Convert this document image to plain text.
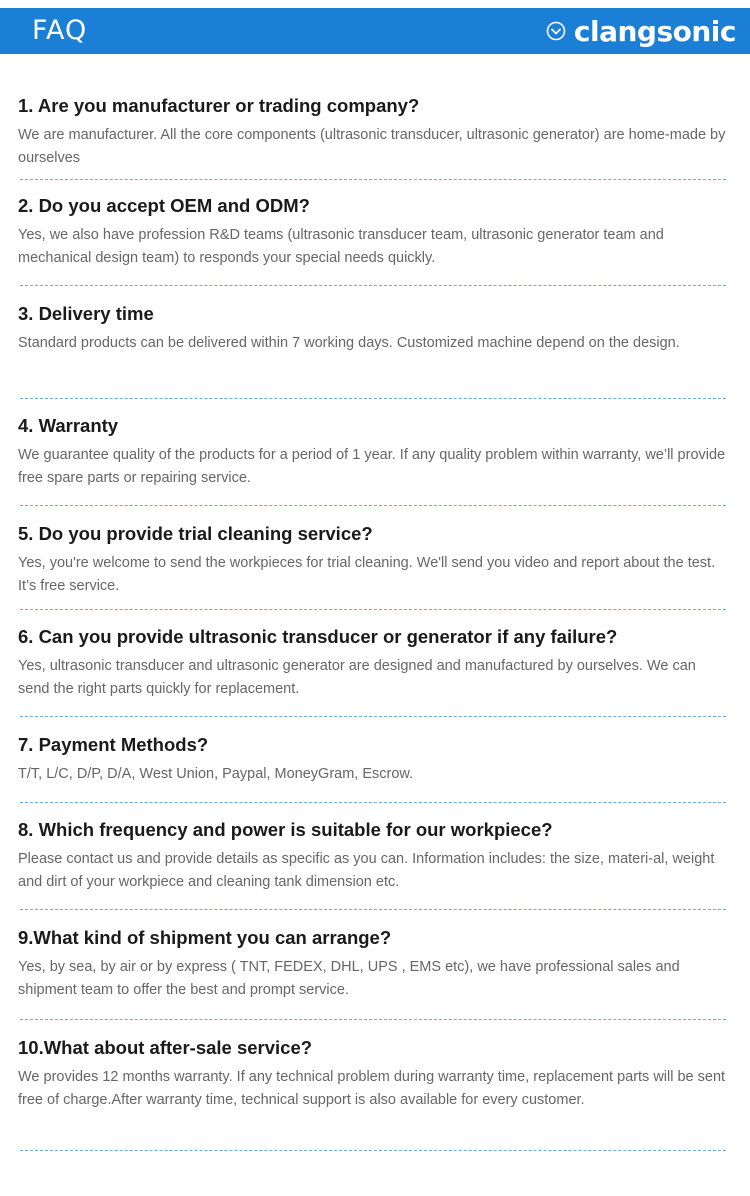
FAQ	clangsonic

1. Are you manufacturer or trading company?

We are manufacturer. All the core components (ultrasonic transducer, ultrasonic generator) are home-made by ourselves

2. Do you accept OEM and ODM?

Yes, we also have profession R&D teams (ultrasonic transducer team, ultrasonic generator team and mechanical design team) to responds your special needs quickly.

3. Delivery time

Standard products can be delivered within 7 working days. Customized machine depend on the design.

4. Warranty

We guarantee quality of the products for a period of 1 year. If any quality problem within warranty, we’ll provide free spare parts or repairing service.

5. Do you provide trial cleaning service?

Yes, you're welcome to send the workpieces for trial cleaning. We'll send you video and report about the test. It’s free service.

6. Can you provide ultrasonic transducer or generator if any failure?

Yes, ultrasonic transducer and ultrasonic generator are designed and manufactured by ourselves. We can send the right parts quickly for replacement.

7. Payment Methods?

T/T, L/C, D/P, D/A, West Union, Paypal, MoneyGram, Escrow.

8. Which frequency and power is suitable for our workpiece?

Please contact us and provide details as specific as you can. Information includes: the size, materi-al, weight and dirt of your workpiece and cleaning tank dimension etc.

9.What kind of shipment you can arrange?

Yes, by sea, by air or by express ( TNT, FEDEX, DHL, UPS , EMS etc), we have professional sales and shipment team to offer the best and prompt service.

10.What about after-sale service?

We provides 12 months warranty. If any technical problem during warranty time, replacement parts will be sent free of charge.After warranty time, technical support is also available for every customer.
